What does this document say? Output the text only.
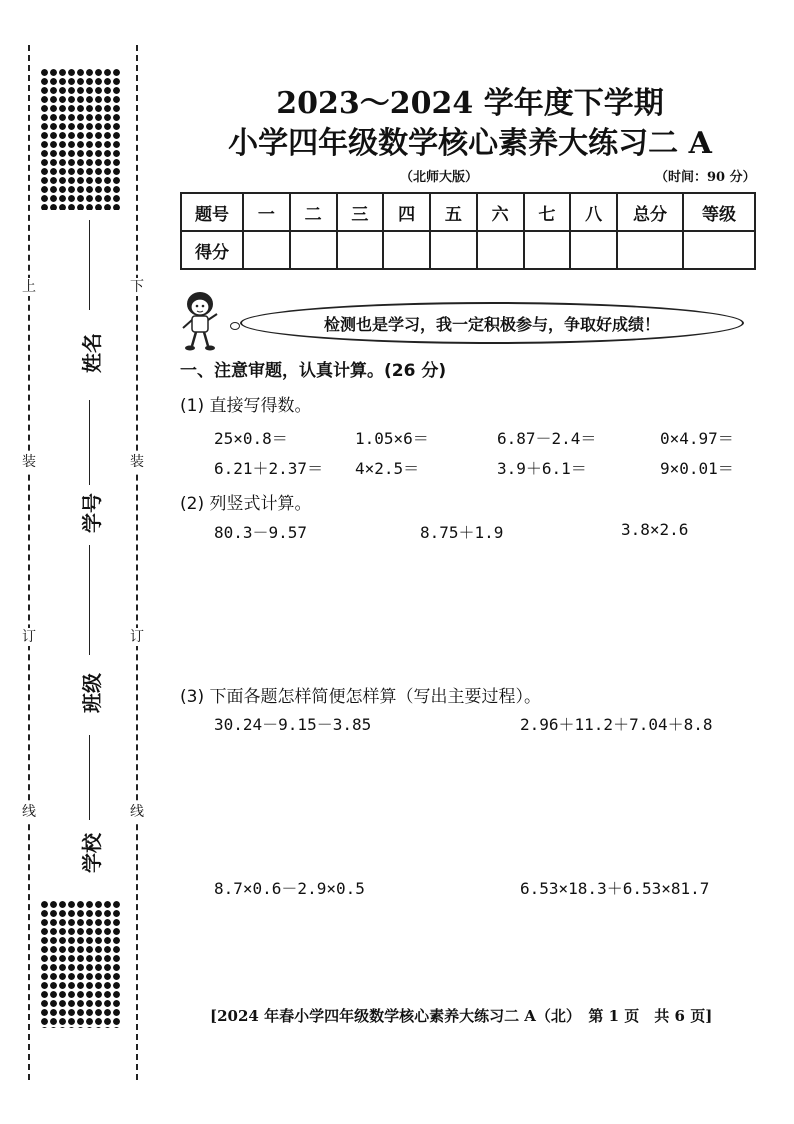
上
装
订
线
下
装
订
线
姓名
学号
班级
学校
2023～2024 学年度下学期
小学四年级数学核心素养大练习二 A
（北师大版）	（时间：90 分）
题号	一	二	三	四	五	六	七	八	总分	等级
得分										
检测也是学习，我一定积极参与，争取好成绩！
一、注意审题，认真计算。(26 分)
(1) 直接写得数。
25×0.8＝	1.05×6＝	6.87－2.4＝	0×4.97＝
6.21＋2.37＝ 4×2.5＝	3.9＋6.1＝	9×0.01＝
(2) 列竖式计算。
80.3－9.57	8.75＋1.9	3.8×2.6
(3) 下面各题怎样简便怎样算（写出主要过程）。
30.24－9.15－3.85	2.96＋11.2＋7.04＋8.8
8.7×0.6－2.9×0.5	6.53×18.3＋6.53×81.7
[2024 年春小学四年级数学核心素养大练习二 A（北）　第 1 页　共 6 页]
